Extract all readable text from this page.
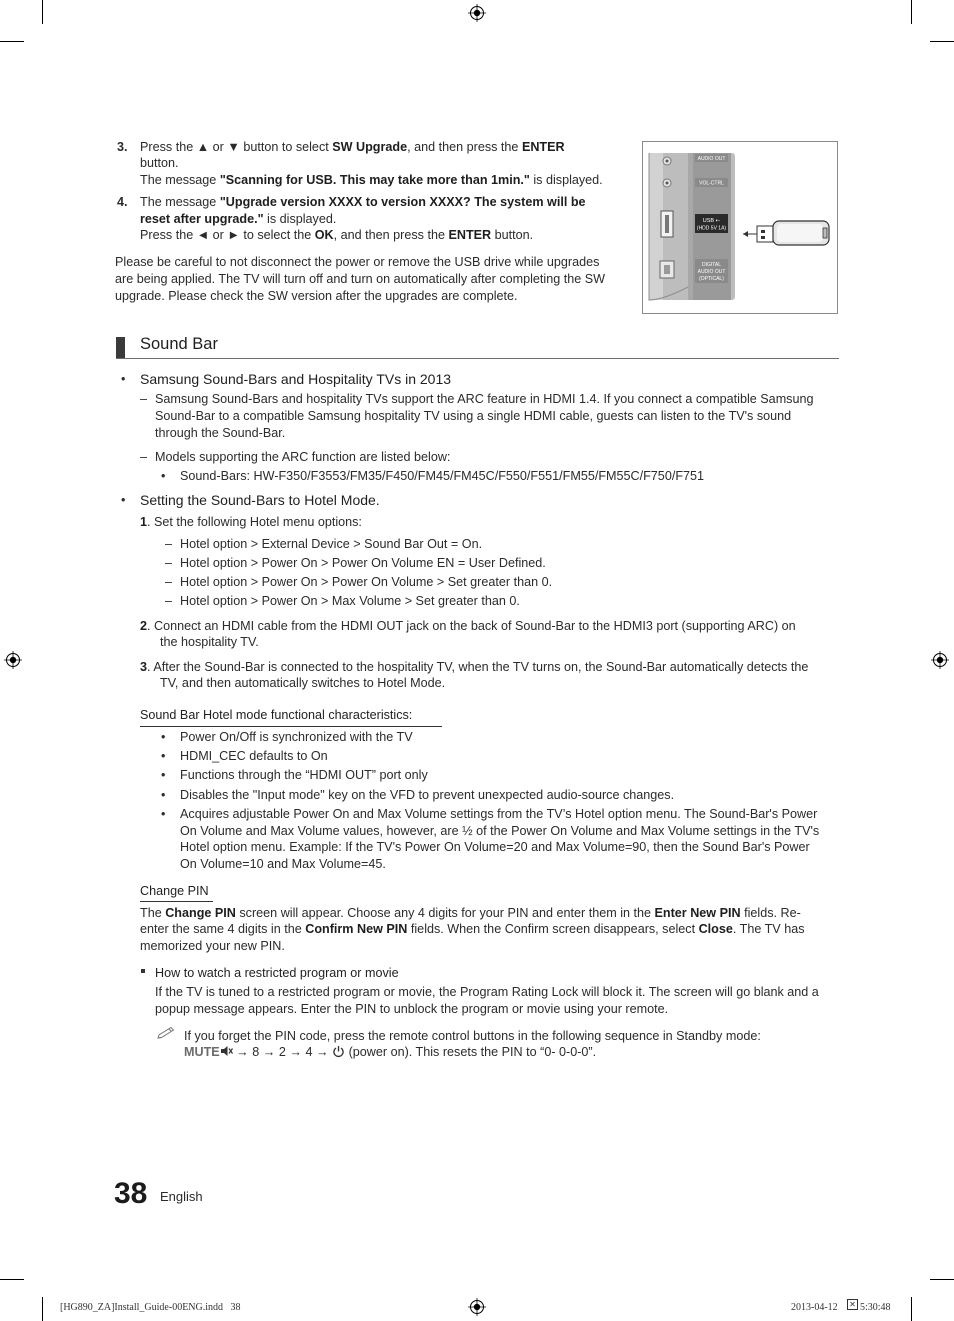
3. Press the ▲ or ▼ button to select SW Upgrade, and then press the ENTER
button.
The message "Scanning for USB. This may take more than 1min." is displayed.
4. The message "Upgrade version XXXX to version XXXX? The system will be
reset after upgrade." is displayed.
Press the ◄ or ► to select the OK, and then press the ENTER button.
Please be careful to not disconnect the power or remove the USB drive while upgrades
are being applied. The TV will turn off and turn on automatically after completing the SW
upgrade. Please check the SW version after the upgrades are complete.
AUDIO OUT
VOL-CTRL
USB ⇠
(HDD 5V 1A)
DIGITAL
AUDIO OUT
(OPTICAL)
Sound Bar
• Samsung Sound-Bars and Hospitality TVs in 2013
– Samsung Sound-Bars and hospitality TVs support the ARC feature in HDMI 1.4. If you connect a compatible Samsung
Sound-Bar to a compatible Samsung hospitality TV using a single HDMI cable, guests can listen to the TV's sound
through the Sound-Bar.
– Models supporting the ARC function are listed below:
• Sound-Bars: HW-F350/F3553/FM35/F450/FM45/FM45C/F550/F551/FM55/FM55C/F750/F751
• Setting the Sound-Bars to Hotel Mode.
1. Set the following Hotel menu options:
– Hotel option > External Device > Sound Bar Out = On.
– Hotel option > Power On > Power On Volume EN = User Defined.
– Hotel option > Power On > Power On Volume > Set greater than 0.
– Hotel option > Power On > Max Volume > Set greater than 0.
2. Connect an HDMI cable from the HDMI OUT jack on the back of Sound-Bar to the HDMI3 port (supporting ARC) on
the hospitality TV.
3. After the Sound-Bar is connected to the hospitality TV, when the TV turns on, the Sound-Bar automatically detects the
TV, and then automatically switches to Hotel Mode.
Sound Bar Hotel mode functional characteristics:
• Power On/Off is synchronized with the TV
• HDMI_CEC defaults to On
• Functions through the “HDMI OUT” port only
• Disables the "Input mode" key on the VFD to prevent unexpected audio-source changes.
• Acquires adjustable Power On and Max Volume settings from the TV’s Hotel option menu. The Sound-Bar's Power
On Volume and Max Volume values, however, are ½ of the Power On Volume and Max Volume settings in the TV's
Hotel option menu. Example: If the TV's Power On Volume=20 and Max Volume=90, then the Sound Bar's Power
On Volume=10 and Max Volume=45.
Change PIN
The Change PIN screen will appear. Choose any 4 digits for your PIN and enter them in the Enter New PIN fields. Re-
enter the same 4 digits in the Confirm New PIN fields. When the Confirm screen disappears, select Close. The TV has
memorized your new PIN.
How to watch a restricted program or movie
If the TV is tuned to a restricted program or movie, the Program Rating Lock will block it. The screen will go blank and a
popup message appears. Enter the PIN to unblock the program or movie using your remote.
If you forget the PIN code, press the remote control buttons in the following sequence in Standby mode:
MUTE → 8 → 2 → 4 →  (power on). This resets the PIN to “0- 0-0-0”.
38 English
[HG890_ZA]Install_Guide-00ENG.indd   38	2013-04-12 ✕ 5:30:48
